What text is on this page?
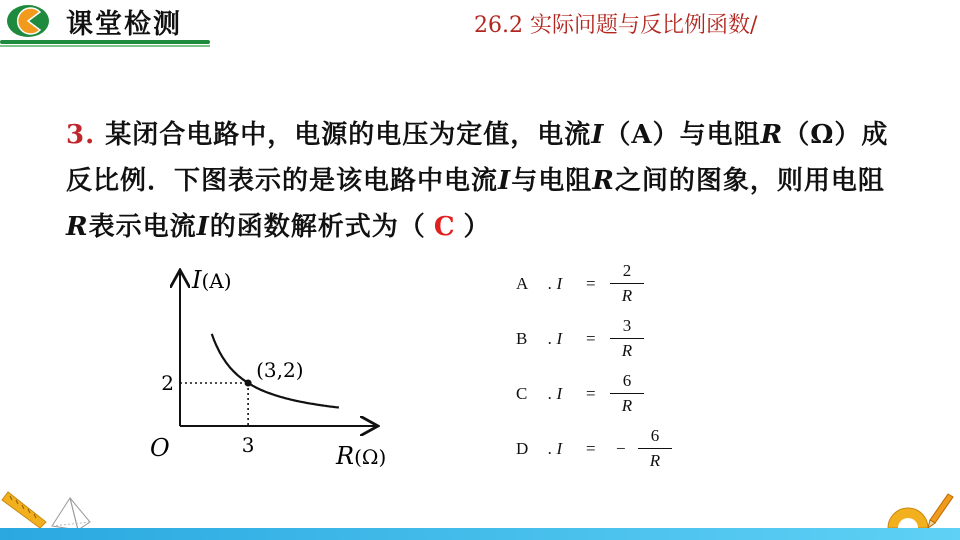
课堂检测	26.2 实际问题与反比例函数/
3. 某闭合电路中，电源的电压为定值，电流I（A）与电阻R（Ω）成反比例．下图表示的是该电路中电流I与电阻R之间的图象，则用电阻R表示电流I的函数解析式为（ C ）
I(A)
R(Ω)
O
(3,2)
3
2
A . I =
2
R
B . I =
3
R
C . I =
6
R
D . I = −
6
R
